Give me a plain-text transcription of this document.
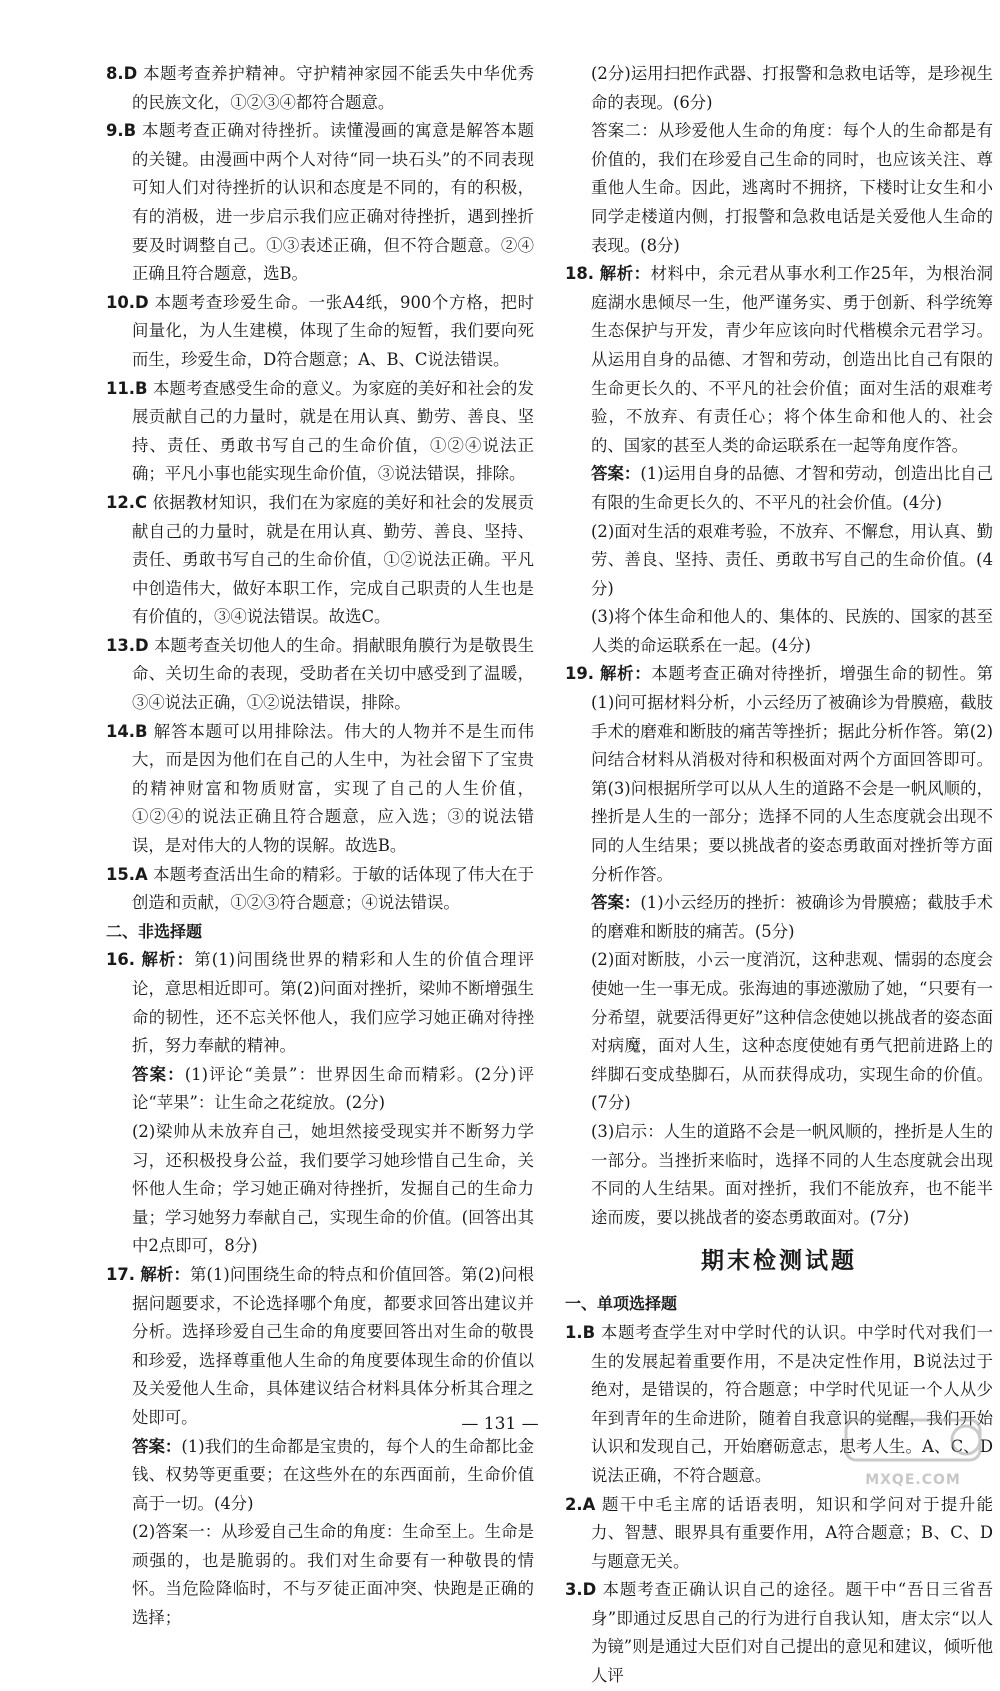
8.D 本题考查养护精神。守护精神家园不能丢失中华优秀的民族文化，①②③④都符合题意。
9.B 本题考查正确对待挫折。读懂漫画的寓意是解答本题的关键。由漫画中两个人对待“同一块石头”的不同表现可知人们对待挫折的认识和态度是不同的，有的积极，有的消极，进一步启示我们应正确对待挫折，遇到挫折要及时调整自己。①③表述正确，但不符合题意。②④正确且符合题意，选B。
10.D 本题考查珍爱生命。一张A4纸，900个方格，把时间量化，为人生建模，体现了生命的短暂，我们要向死而生，珍爱生命，D符合题意；A、B、C说法错误。
11.B 本题考查感受生命的意义。为家庭的美好和社会的发展贡献自己的力量时，就是在用认真、勤劳、善良、坚持、责任、勇敢书写自己的生命价值，①②④说法正确；平凡小事也能实现生命价值，③说法错误，排除。
12.C 依据教材知识，我们在为家庭的美好和社会的发展贡献自己的力量时，就是在用认真、勤劳、善良、坚持、责任、勇敢书写自己的生命价值，①②说法正确。平凡中创造伟大，做好本职工作，完成自己职责的人生也是有价值的，③④说法错误。故选C。
13.D 本题考查关切他人的生命。捐献眼角膜行为是敬畏生命、关切生命的表现，受助者在关切中感受到了温暖，③④说法正确，①②说法错误，排除。
14.B 解答本题可以用排除法。伟大的人物并不是生而伟大，而是因为他们在自己的人生中，为社会留下了宝贵的精神财富和物质财富，实现了自己的人生价值，①②④的说法正确且符合题意，应入选；③的说法错误，是对伟大的人物的误解。故选B。
15.A 本题考查活出生命的精彩。于敏的话体现了伟大在于创造和贡献，①②③符合题意；④说法错误。
二、非选择题
16. 解析：第(1)问围绕世界的精彩和人生的价值合理评论，意思相近即可。第(2)问面对挫折，梁帅不断增强生命的韧性，还不忘关怀他人，我们应学习她正确对待挫折，努力奉献的精神。
答案：(1)评论“美景”：世界因生命而精彩。(2分)评论“苹果”：让生命之花绽放。(2分)
(2)梁帅从未放弃自己，她坦然接受现实并不断努力学习，还积极投身公益，我们要学习她珍惜自己生命，关怀他人生命；学习她正确对待挫折，发掘自己的生命力量；学习她努力奉献自己，实现生命的价值。(回答出其中2点即可，8分)
17. 解析：第(1)问围绕生命的特点和价值回答。第(2)问根据问题要求，不论选择哪个角度，都要求回答出建议并分析。选择珍爱自己生命的角度要回答出对生命的敬畏和珍爱，选择尊重他人生命的角度要体现生命的价值以及关爱他人生命，具体建议结合材料具体分析其合理之处即可。
答案：(1)我们的生命都是宝贵的，每个人的生命都比金钱、权势等更重要；在这些外在的东西面前，生命价值高于一切。(4分)
(2)答案一：从珍爱自己生命的角度：生命至上。生命是顽强的，也是脆弱的。我们对生命要有一种敬畏的情怀。当危险降临时，不与歹徒正面冲突、快跑是正确的选择；
(2分)运用扫把作武器、打报警和急救电话等，是珍视生命的表现。(6分)
答案二：从珍爱他人生命的角度：每个人的生命都是有价值的，我们在珍爱自己生命的同时，也应该关注、尊重他人生命。因此，逃离时不拥挤，下楼时让女生和小同学走楼道内侧，打报警和急救电话是关爱他人生命的表现。(8分)
18. 解析：材料中，余元君从事水利工作25年，为根治洞庭湖水患倾尽一生，他严谨务实、勇于创新、科学统筹生态保护与开发，青少年应该向时代楷模余元君学习。从运用自身的品德、才智和劳动，创造出比自己有限的生命更长久的、不平凡的社会价值；面对生活的艰难考验，不放弃、有责任心；将个体生命和他人的、社会的、国家的甚至人类的命运联系在一起等角度作答。
答案：(1)运用自身的品德、才智和劳动，创造出比自己有限的生命更长久的、不平凡的社会价值。(4分)
(2)面对生活的艰难考验，不放弃、不懈怠，用认真、勤劳、善良、坚持、责任、勇敢书写自己的生命价值。(4分)
(3)将个体生命和他人的、集体的、民族的、国家的甚至人类的命运联系在一起。(4分)
19. 解析：本题考查正确对待挫折，增强生命的韧性。第(1)问可据材料分析，小云经历了被确诊为骨膜癌，截肢手术的磨难和断肢的痛苦等挫折；据此分析作答。第(2)问结合材料从消极对待和积极面对两个方面回答即可。第(3)问根据所学可以从人生的道路不会是一帆风顺的，挫折是人生的一部分；选择不同的人生态度就会出现不同的人生结果；要以挑战者的姿态勇敢面对挫折等方面分析作答。
答案：(1)小云经历的挫折：被确诊为骨膜癌；截肢手术的磨难和断肢的痛苦。(5分)
(2)面对断肢，小云一度消沉，这种悲观、懦弱的态度会使她一生一事无成。张海迪的事迹激励了她，“只要有一分希望，就要活得更好”这种信念使她以挑战者的姿态面对病魔，面对人生，这种态度使她有勇气把前进路上的绊脚石变成垫脚石，从而获得成功，实现生命的价值。(7分)
(3)启示：人生的道路不会是一帆风顺的，挫折是人生的一部分。当挫折来临时，选择不同的人生态度就会出现不同的人生结果。面对挫折，我们不能放弃，也不能半途而废，要以挑战者的姿态勇敢面对。(7分)
期末检测试题
一、单项选择题
1.B 本题考查学生对中学时代的认识。中学时代对我们一生的发展起着重要作用，不是决定性作用，B说法过于绝对，是错误的，符合题意；中学时代见证一个人从少年到青年的生命进阶，随着自我意识的觉醒，我们开始认识和发现自己，开始磨砺意志，思考人生。A、C、D说法正确，不符合题意。
2.A 题干中毛主席的话语表明，知识和学问对于提升能力、智慧、眼界具有重要作用，A符合题意；B、C、D与题意无关。
3.D 本题考查正确认识自己的途径。题干中“吾日三省吾身”即通过反思自己的行为进行自我认知，唐太宗“以人为镜”则是通过大臣们对自己提出的意见和建议，倾听他人评
— 131 —
MXQE.COM
